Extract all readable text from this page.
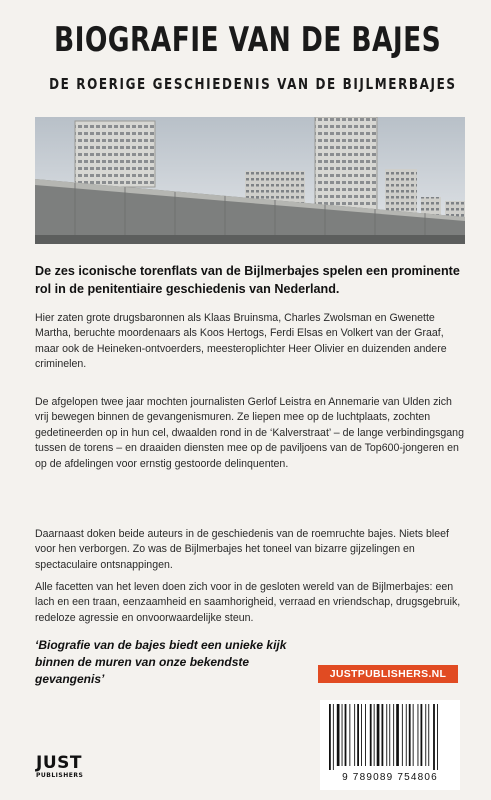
BIOGRAFIE VAN DE BAJES
DE ROERIGE GESCHIEDENIS VAN DE BIJLMERBAJES

De zes iconische torenflats van de Bijlmerbajes spelen een prominente rol in de penitentiaire geschiedenis van Nederland.

Hier zaten grote drugsbaronnen als Klaas Bruinsma, Charles Zwolsman en Gwenette Martha, beruchte moordenaars als Koos Hertogs, Ferdi Elsas en Volkert van der Graaf, maar ook de Heineken-ontvoerders, meesteroplichter Heer Olivier en duizenden andere criminelen.

De afgelopen twee jaar mochten journalisten Gerlof Leistra en Annemarie van Ulden zich vrij bewegen binnen de gevangenismuren. Ze liepen mee op de luchtplaats, zochten gedetineerden op in hun cel, dwaalden rond in de ‘Kalverstraat’ – de lange verbindingsgang tussen de torens – en draaiden diensten mee op de paviljoens van de Top600-jongeren en op de afdelingen voor ernstig gestoorde delinquenten.

Daarnaast doken beide auteurs in de geschiedenis van de roemruchte bajes. Niets bleef voor hen verborgen. Zo was de Bijlmerbajes het toneel van bizarre gijzelingen en spectaculaire ontsnappingen.

Alle facetten van het leven doen zich voor in de gesloten wereld van de Bijlmerbajes: een lach en een traan, eenzaamheid en saamhorigheid, verraad en vriendschap, drugsgebruik, redeloze agressie en onvoorwaardelijke steun.

‘Biografie van de bajes biedt een unieke kijk binnen de muren van onze bekendste gevangenis’	JUSTPUBLISHERS.NL
JUST
PUBLISHERS	9 789089 754806
